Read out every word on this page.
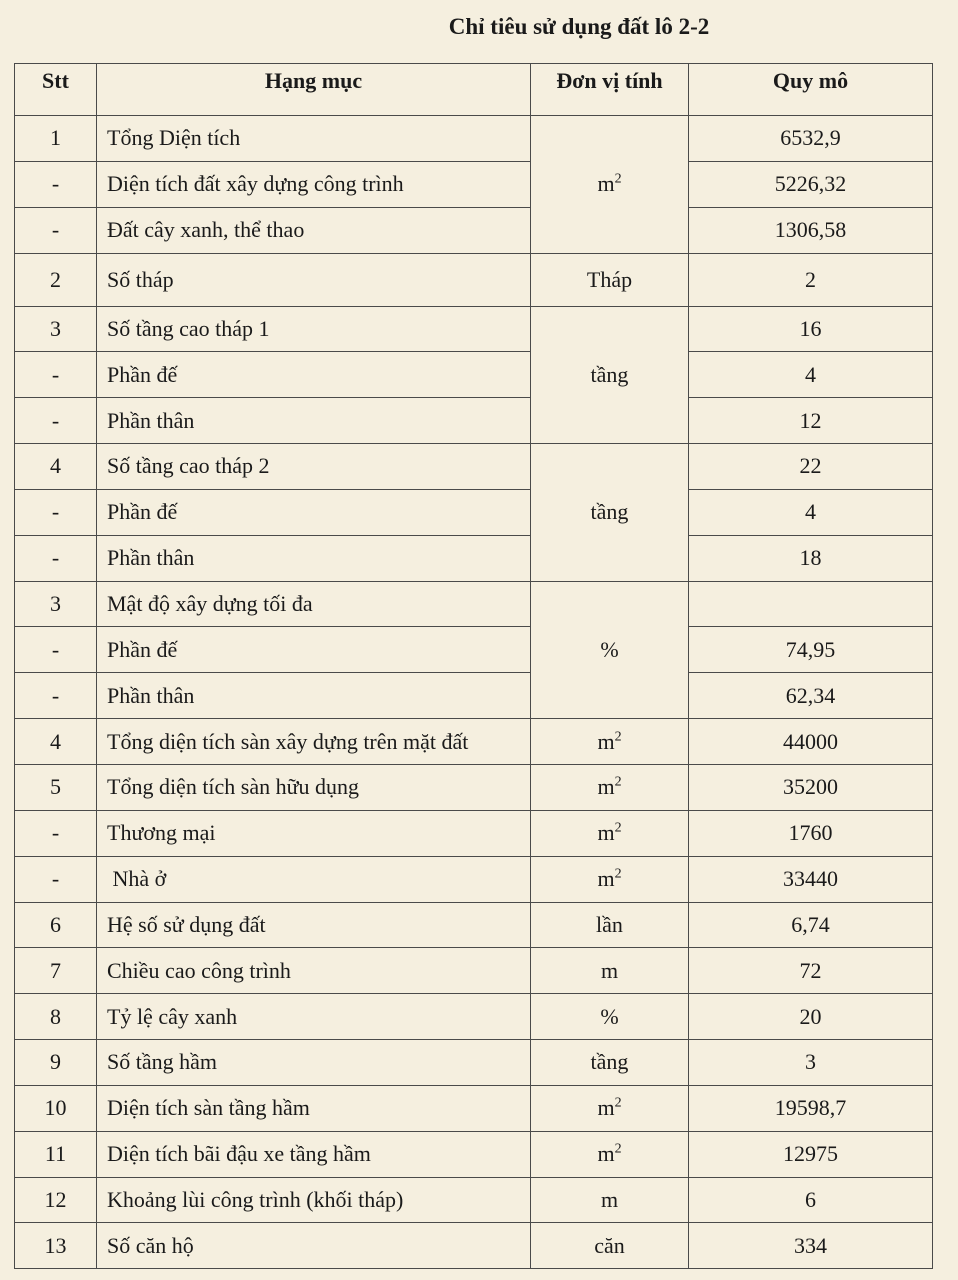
Chỉ tiêu sử dụng đất lô 2-2
Stt	Hạng mục	Đơn vị tính	Quy mô
1	Tổng Diện tích	$m^2$	6532,9
-	Diện tích đất xây dựng công trình		5226,32
-	Đất cây xanh, thể thao		1306,58
2	Số tháp	Tháp	2
3	Số tầng cao tháp 1	tầng	16
-	Phần đế		4
-	Phần thân		12
4	Số tầng cao tháp 2	tầng	22
-	Phần đế		4
-	Phần thân		18
3	Mật độ xây dựng tối đa	%	
-	Phần đế		74,95
-	Phần thân		62,34
4	Tổng diện tích sàn xây dựng trên mặt đất	$m^2$	44000
5	Tổng diện tích sàn hữu dụng	$m^2$	35200
-	Thương mại	$m^2$	1760
-	Nhà ở	$m^2$	33440
6	Hệ số sử dụng đất	lần	6,74
7	Chiều cao công trình	m	72
8	Tỷ lệ cây xanh	%	20
9	Số tầng hầm	tầng	3
10	Diện tích sàn tầng hầm	$m^2$	19598,7
11	Diện tích bãi đậu xe tầng hầm	$m^2$	12975
12	Khoảng lùi công trình (khối tháp)	m	6
13	Số căn hộ	căn	334
